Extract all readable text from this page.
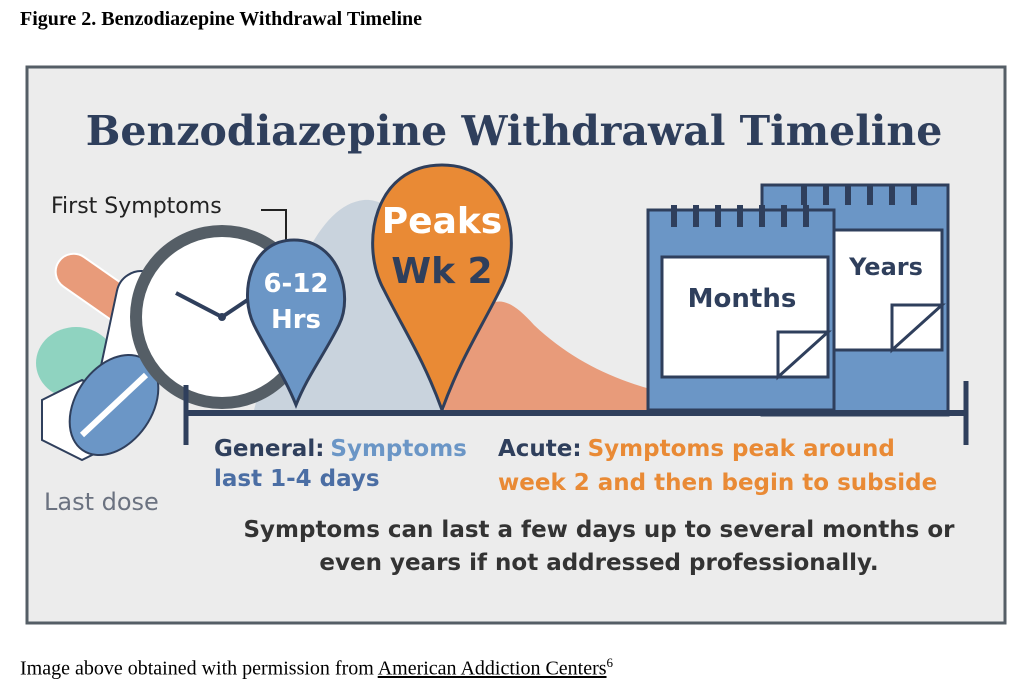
Figure 2. Benzodiazepine Withdrawal Timeline
Benzodiazepine Withdrawal Timeline
Years
Months
First Symptoms
6-12
Hrs
Peaks
Wk 2
Last dose
General: Symptoms
last 1-4 days
Acute: Symptoms peak around
week 2 and then begin to subside
Symptoms can last a few days up to several months or
even years if not addressed professionally.
Image above obtained with permission from American Addiction Centers$^6$
